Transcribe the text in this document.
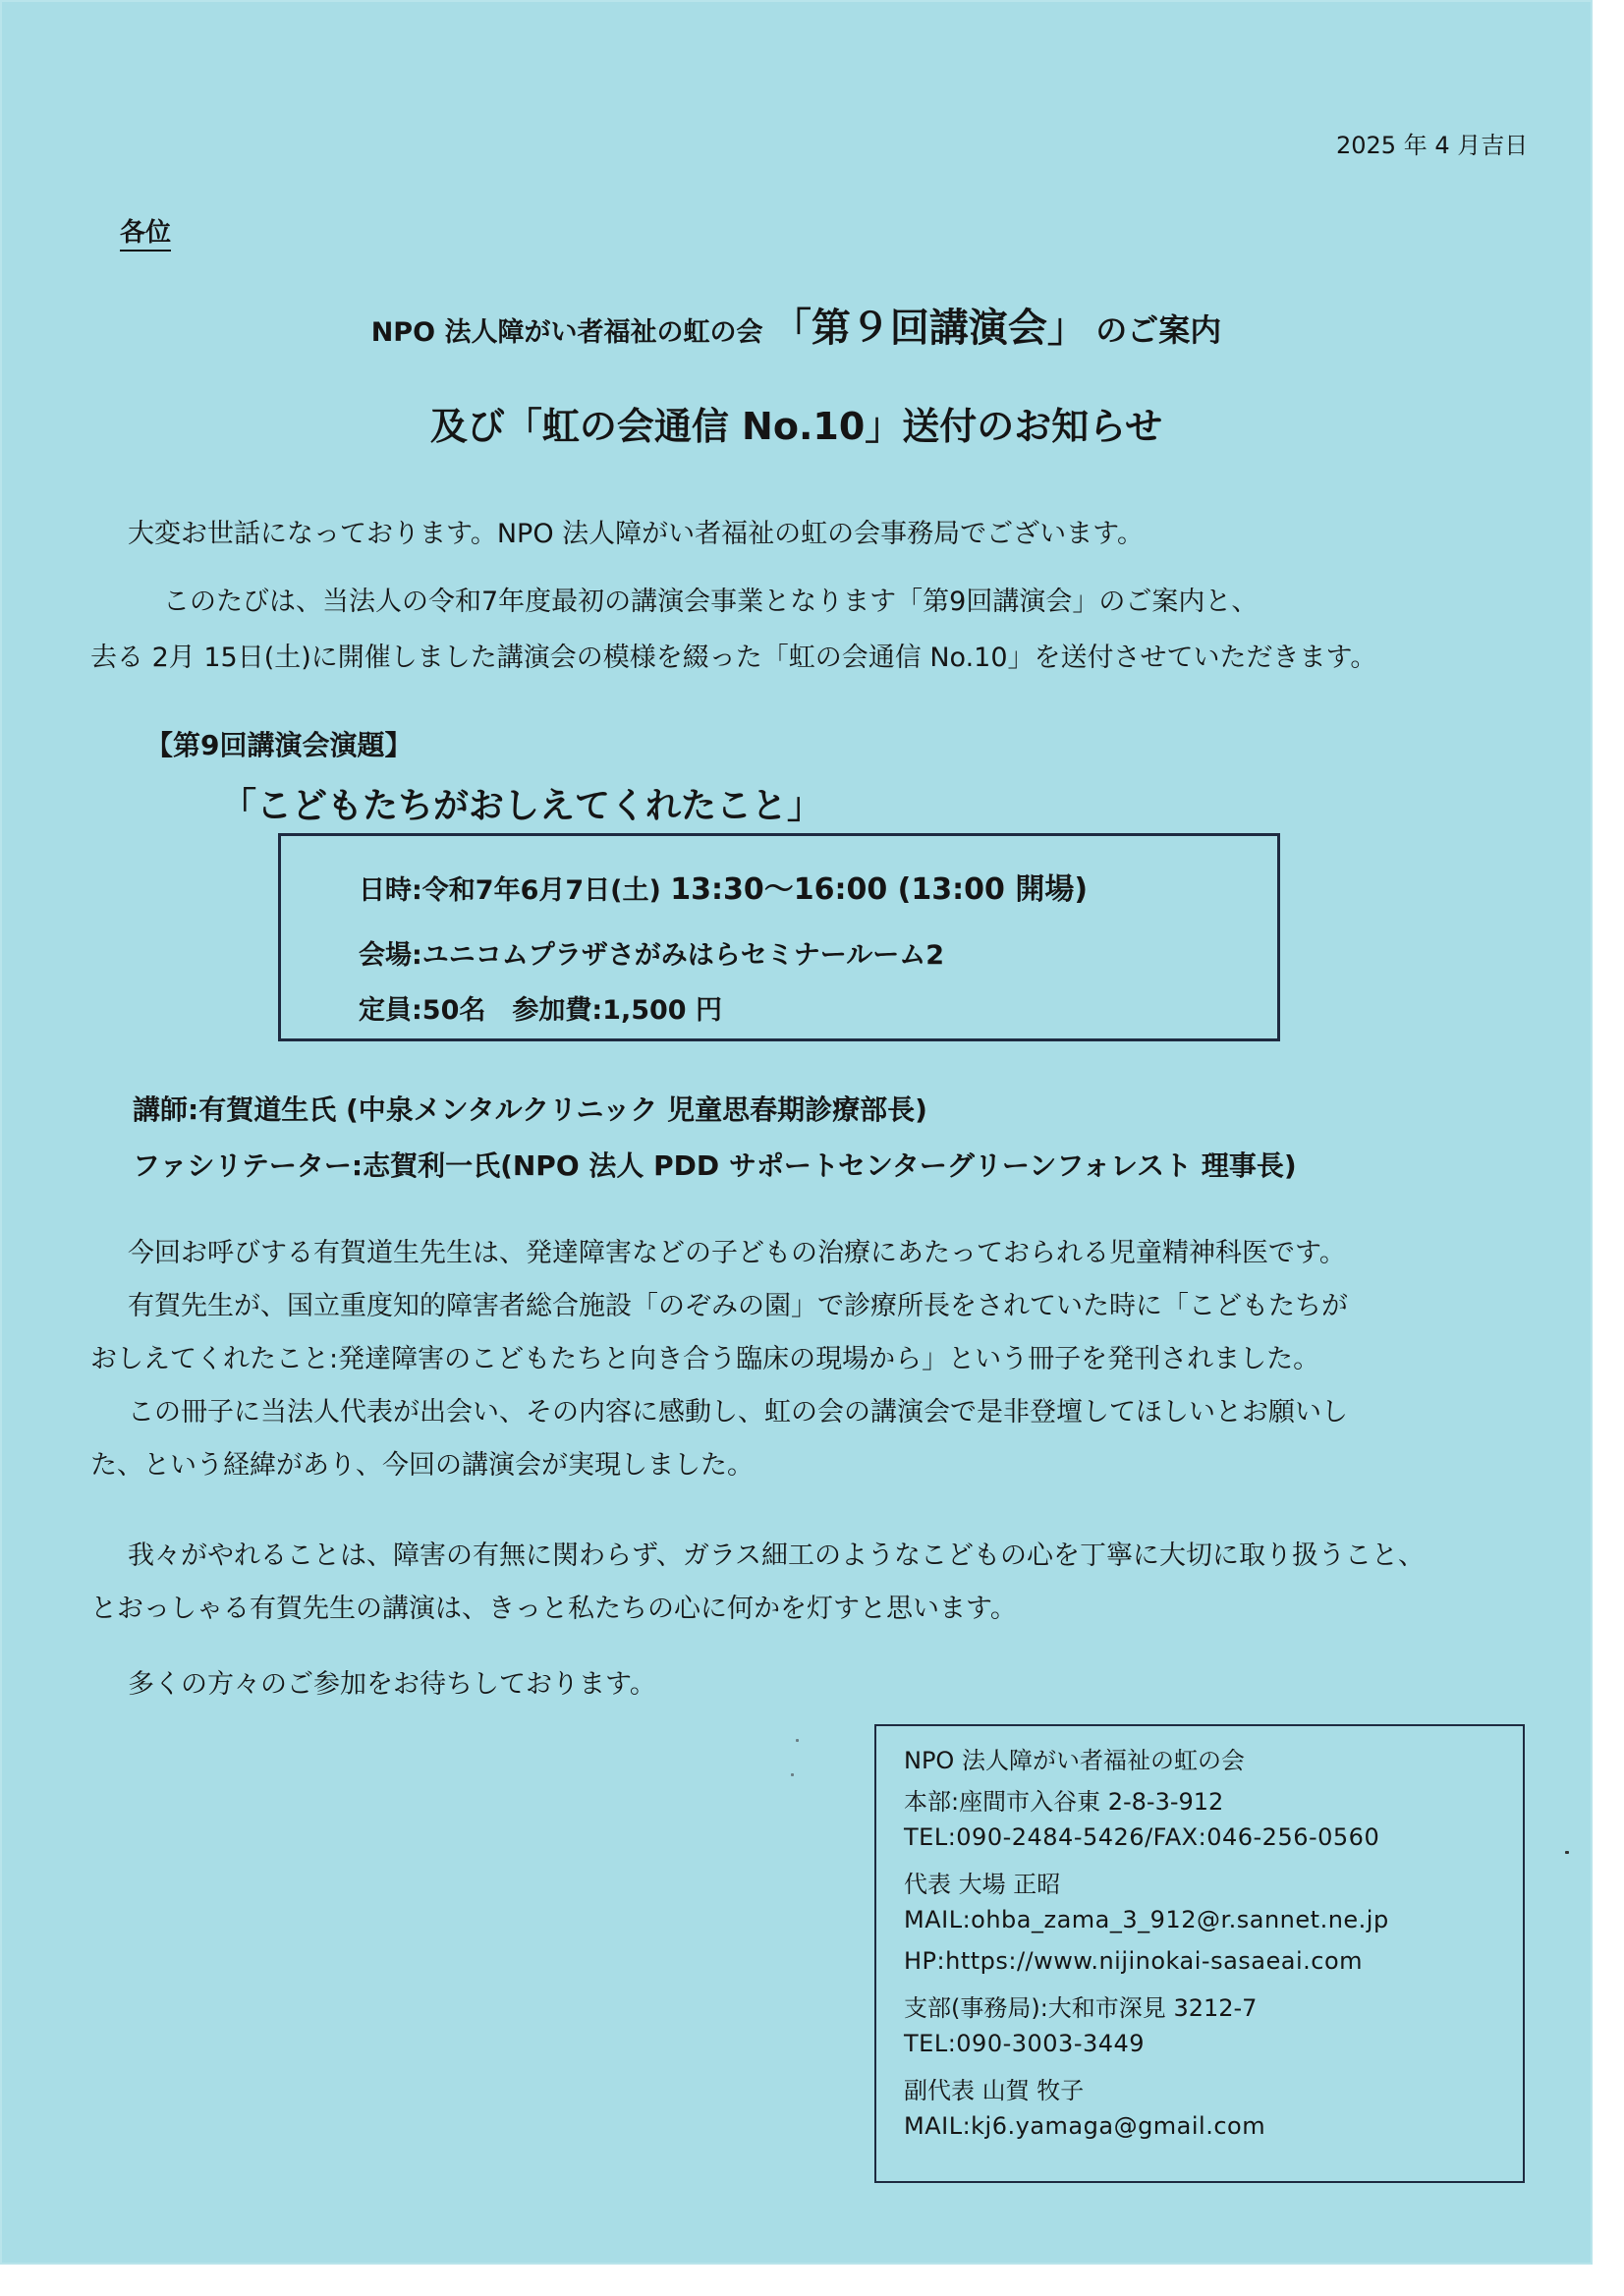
2025 年 4 月吉日
各位
NPO 法人障がい者福祉の虹の会 「第９回講演会」 のご案内
及び「虹の会通信 No.10」送付のお知らせ
大変お世話になっております。NPO 法人障がい者福祉の虹の会事務局でございます。
このたびは、当法人の令和7年度最初の講演会事業となります「第9回講演会」のご案内と、
去る 2月 15日(土)に開催しました講演会の模様を綴った「虹の会通信 No.10」を送付させていただきます。
【第9回講演会演題】
「こどもたちがおしえてくれたこと」
日時:令和7年6月7日(土) 13:30～16:00 (13:00 開場)
会場:ユニコムプラザさがみはらセミナールーム2
定員:50名　参加費:1,500 円
講師:有賀道生氏 (中泉メンタルクリニック 児童思春期診療部長)
ファシリテーター:志賀利一氏(NPO 法人 PDD サポートセンターグリーンフォレスト 理事長)
今回お呼びする有賀道生先生は、発達障害などの子どもの治療にあたっておられる児童精神科医です。
有賀先生が、国立重度知的障害者総合施設「のぞみの園」で診療所長をされていた時に「こどもたちが
おしえてくれたこと:発達障害のこどもたちと向き合う臨床の現場から」という冊子を発刊されました。
この冊子に当法人代表が出会い、その内容に感動し、虹の会の講演会で是非登壇してほしいとお願いし
た、という経緯があり、今回の講演会が実現しました。
我々がやれることは、障害の有無に関わらず、ガラス細工のようなこどもの心を丁寧に大切に取り扱うこと、
とおっしゃる有賀先生の講演は、きっと私たちの心に何かを灯すと思います。
多くの方々のご参加をお待ちしております。
NPO 法人障がい者福祉の虹の会
本部:座間市入谷東 2-8-3-912
TEL:090-2484-5426/FAX:046-256-0560
代表 大場 正昭
MAIL:ohba_zama_3_912@r.sannet.ne.jp
HP:https://www.nijinokai-sasaeai.com
支部(事務局):大和市深見 3212-7
TEL:090-3003-3449
副代表 山賀 牧子
MAIL:kj6.yamaga@gmail.com
